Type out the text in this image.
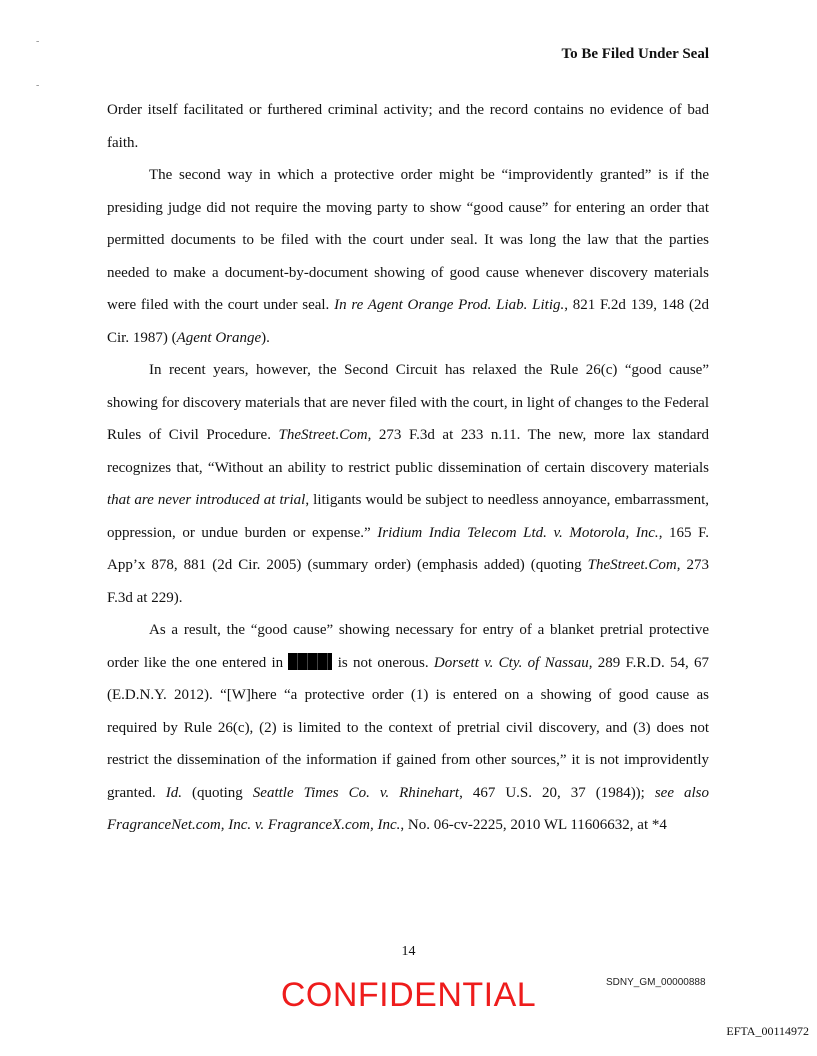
-
-
To Be Filed Under Seal

Order itself facilitated or furthered criminal activity; and the record contains no evidence of bad faith.

The second way in which a protective order might be “improvidently granted” is if the presiding judge did not require the moving party to show “good cause” for entering an order that permitted documents to be filed with the court under seal. It was long the law that the parties needed to make a document-by-document showing of good cause whenever discovery materials were filed with the court under seal. In re Agent Orange Prod. Liab. Litig., 821 F.2d 139, 148 (2d Cir. 1987) (Agent Orange).

In recent years, however, the Second Circuit has relaxed the Rule 26(c) “good cause” showing for discovery materials that are never filed with the court, in light of changes to the Federal Rules of Civil Procedure. TheStreet.Com, 273 F.3d at 233 n.11. The new, more lax standard recognizes that, “Without an ability to restrict public dissemination of certain discovery materials that are never introduced at trial, litigants would be subject to needless annoyance, embarrassment, oppression, or undue burden or expense.” Iridium India Telecom Ltd. v. Motorola, Inc., 165 F. App’x 878, 881 (2d Cir. 2005) (summary order) (emphasis added) (quoting TheStreet.Com, 273 F.3d at 229).

As a result, the “good cause” showing necessary for entry of a blanket pretrial protective order like the one entered in	is not onerous. Dorsett v. Cty. of Nassau, 289 F.R.D. 54, 67 (E.D.N.Y. 2012). “[W]here “a protective order (1) is entered on a showing of good cause as required by Rule 26(c), (2) is limited to the context of pretrial civil discovery, and (3) does not restrict the dissemination of the information if gained from other sources,” it is not improvidently granted. Id. (quoting Seattle Times Co. v. Rhinehart, 467 U.S. 20, 37 (1984)); see also FragranceNet.com, Inc. v. FragranceX.com, Inc., No. 06-cv-2225, 2010 WL 11606632, at *4

14
CONFIDENTIAL	SDNY_GM_00000888
EFTA_00114972
